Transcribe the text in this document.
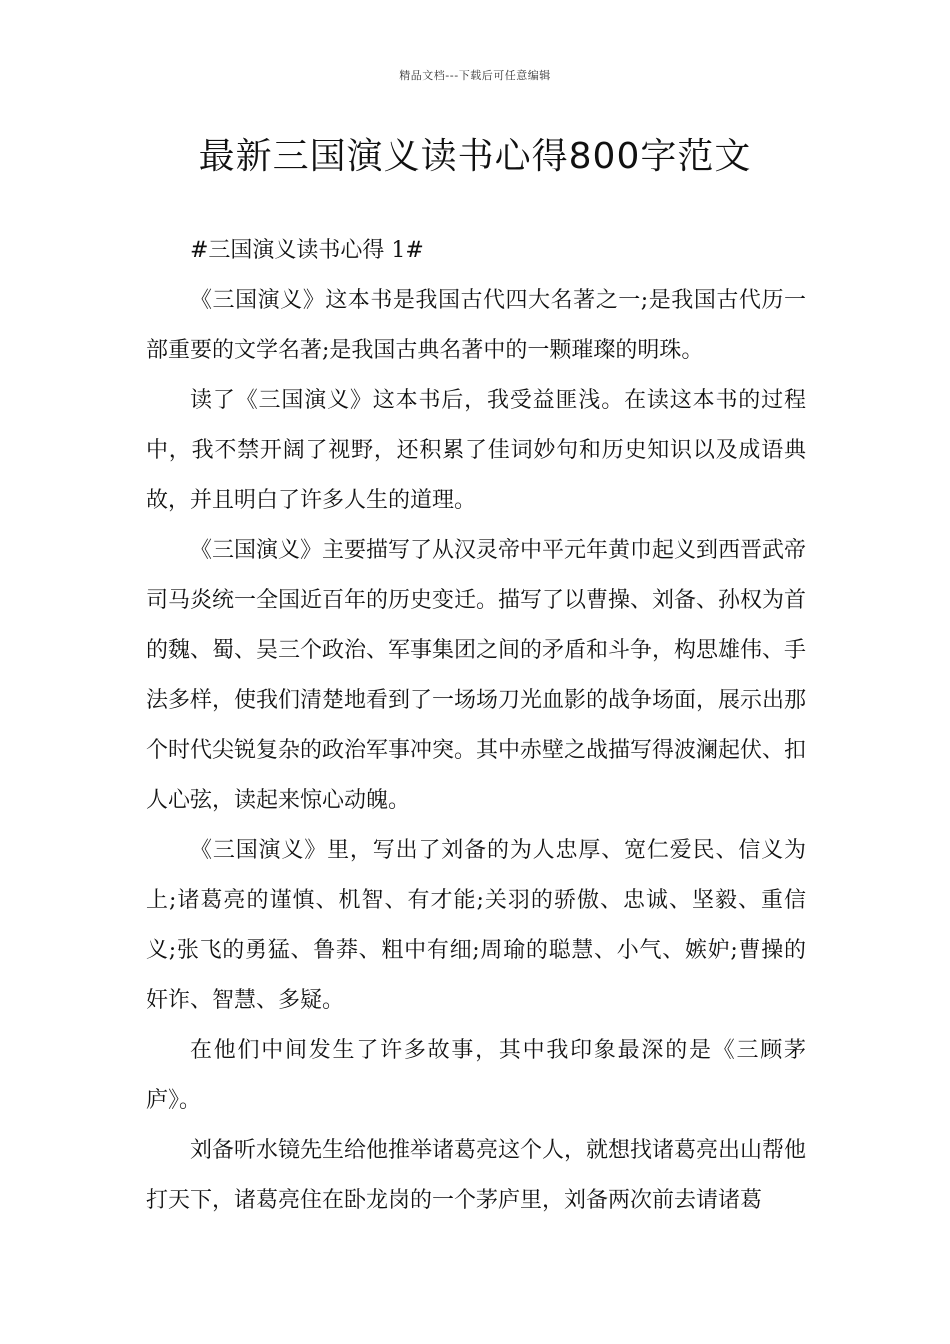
精品文档---下载后可任意编辑
最新三国演义读书心得800字范文

#三国演义读书心得 1#

《三国演义》这本书是我国古代四大名著之一;是我国古代历一部重要的文学名著;是我国古典名著中的一颗璀璨的明珠。

读了《三国演义》这本书后，我受益匪浅。在读这本书的过程中，我不禁开阔了视野，还积累了佳词妙句和历史知识以及成语典故，并且明白了许多人生的道理。

《三国演义》主要描写了从汉灵帝中平元年黄巾起义到西晋武帝司马炎统一全国近百年的历史变迁。描写了以曹操、刘备、孙权为首的魏、蜀、吴三个政治、军事集团之间的矛盾和斗争，构思雄伟、手法多样，使我们清楚地看到了一场场刀光血影的战争场面，展示出那个时代尖锐复杂的政治军事冲突。其中赤壁之战描写得波澜起伏、扣人心弦，读起来惊心动魄。

《三国演义》里，写出了刘备的为人忠厚、宽仁爱民、信义为上;诸葛亮的谨慎、机智、有才能;关羽的骄傲、忠诚、坚毅、重信义;张飞的勇猛、鲁莽、粗中有细;周瑜的聪慧、小气、嫉妒;曹操的奸诈、智慧、多疑。

在他们中间发生了许多故事，其中我印象最深的是《三顾茅庐》。

刘备听水镜先生给他推举诸葛亮这个人，就想找诸葛亮出山帮他打天下，诸葛亮住在卧龙岗的一个茅庐里，刘备两次前去请诸葛
